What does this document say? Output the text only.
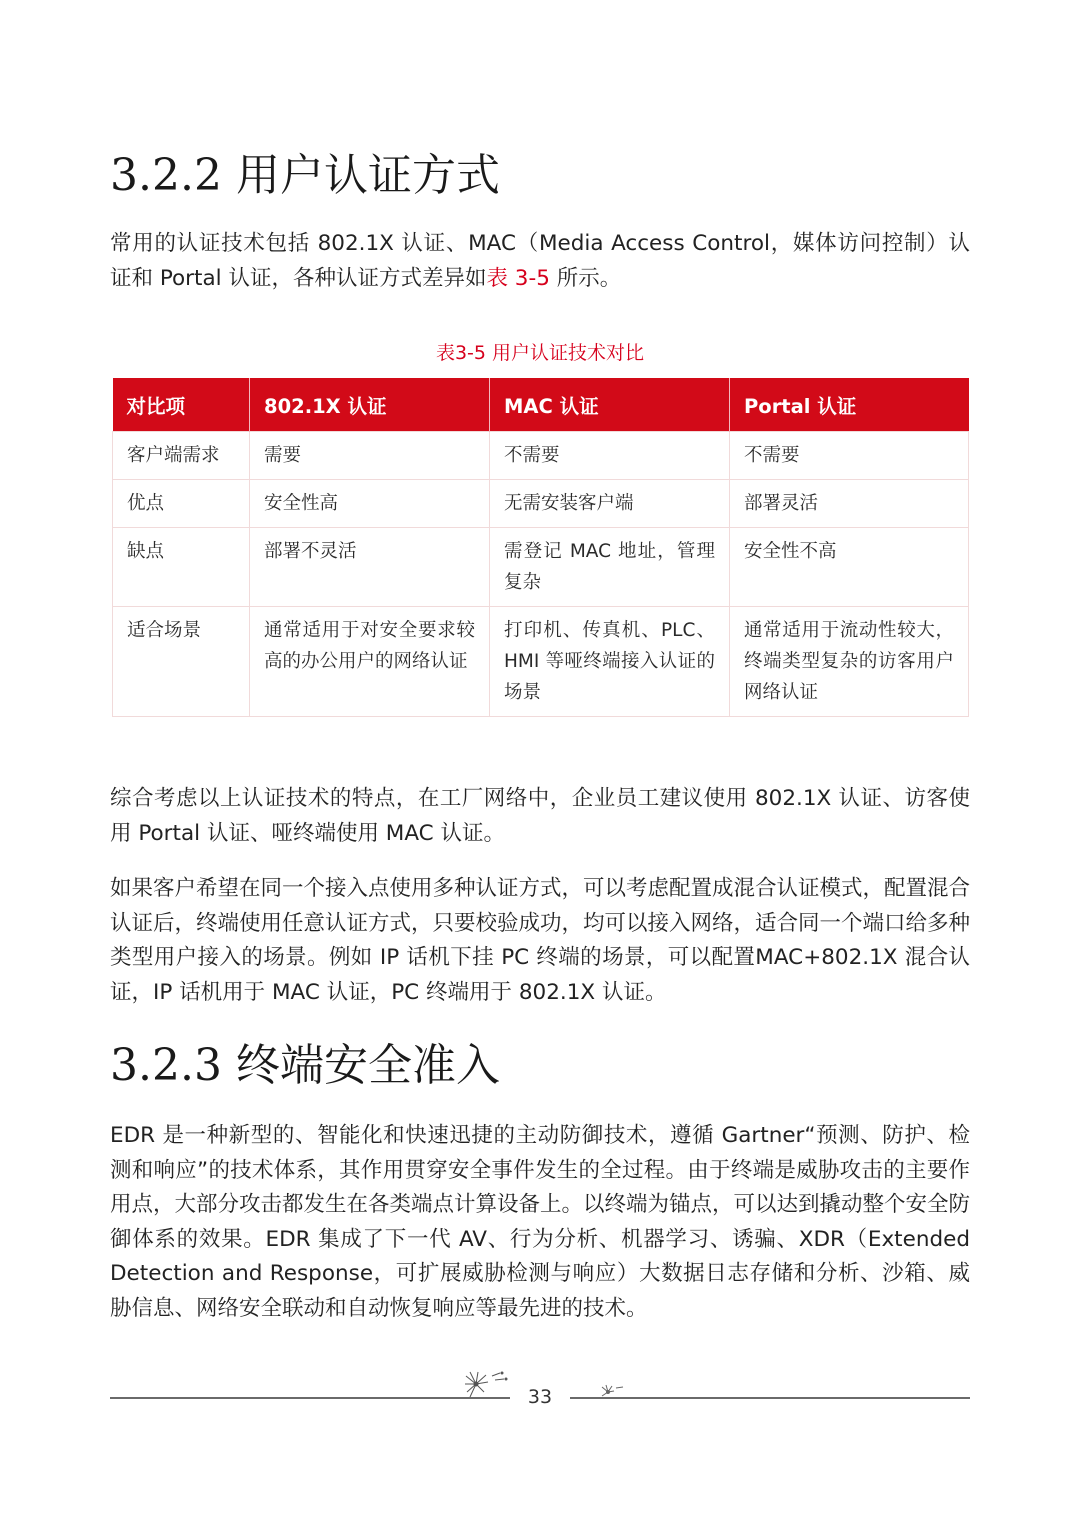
3.2.2 用户认证方式

常用的认证技术包括 802.1X 认证、MAC（Media Access Control，媒体访问控制）认证和 Portal 认证，各种认证方式差异如表 3-5 所示。

表3-5 用户认证技术对比
对比项	802.1X 认证	MAC 认证	Portal 认证
客户端需求	需要	不需要	不需要
优点	安全性高	无需安装客户端	部署灵活
缺点	部署不灵活	需登记 MAC 地址，管理复杂	安全性不高
适合场景	通常适用于对安全要求较高的办公用户的网络认证	打印机、传真机、PLC、HMI 等哑终端接入认证的场景	通常适用于流动性较大，终端类型复杂的访客用户网络认证

综合考虑以上认证技术的特点，在工厂网络中，企业员工建议使用 802.1X 认证、访客使用 Portal 认证、哑终端使用 MAC 认证。

如果客户希望在同一个接入点使用多种认证方式，可以考虑配置成混合认证模式，配置混合认证后，终端使用任意认证方式，只要校验成功，均可以接入网络，适合同一个端口给多种类型用户接入的场景。例如 IP 话机下挂 PC 终端的场景，可以配置MAC+802.1X 混合认证，IP 话机用于 MAC 认证，PC 终端用于 802.1X 认证。

3.2.3 终端安全准入

EDR 是一种新型的、智能化和快速迅捷的主动防御技术，遵循 Gartner“预测、防护、检测和响应”的技术体系，其作用贯穿安全事件发生的全过程。由于终端是威胁攻击的主要作用点，大部分攻击都发生在各类端点计算设备上。以终端为锚点，可以达到撬动整个安全防御体系的效果。EDR 集成了下一代 AV、行为分析、机器学习、诱骗、XDR（Extended Detection and Response，可扩展威胁检测与响应）大数据日志存储和分析、沙箱、威胁信息、网络安全联动和自动恢复响应等最先进的技术。

33
